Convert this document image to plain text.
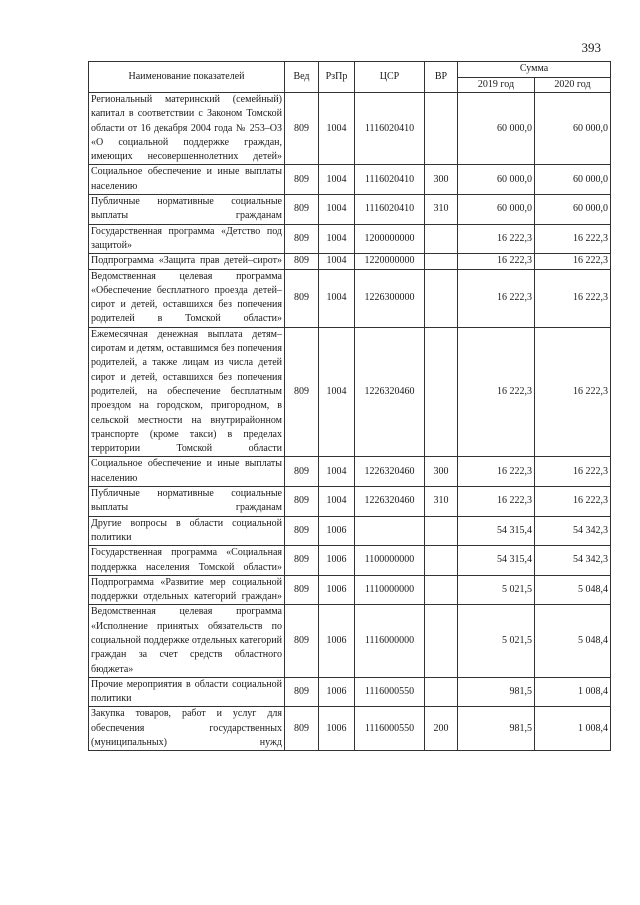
393
Наименование показателей	Вед	РзПр	ЦСР	ВР	Сумма	
					2019 год	2020 год
Региональный материнский (семейный) капитал в соответствии с Законом Томской области от 16 декабря 2004 года № 253–ОЗ «О социальной поддержке граждан, имеющих несовершеннолетних детей»	809	1004	1116020410		60 000,0	60 000,0
Социальное обеспечение и иные выплаты населению	809	1004	1116020410	300	60 000,0	60 000,0
Публичные нормативные социальные выплаты гражданам	809	1004	1116020410	310	60 000,0	60 000,0
Государственная программа «Детство под защитой»	809	1004	1200000000		16 222,3	16 222,3
Подпрограмма «Защита прав детей–сирот»	809	1004	1220000000		16 222,3	16 222,3
Ведомственная целевая программа «Обеспечение бесплатного проезда детей–сирот и детей, оставшихся без попечения родителей в Томской области»	809	1004	1226300000		16 222,3	16 222,3
Ежемесячная денежная выплата детям–сиротам и детям, оставшимся без попечения родителей, а также лицам из числа детей сирот и детей, оставшихся без попечения родителей, на обеспечение бесплатным проездом на городском, пригородном, в сельской местности на внутрирайонном транспорте (кроме такси) в пределах территории Томской области	809	1004	1226320460		16 222,3	16 222,3
Социальное обеспечение и иные выплаты населению	809	1004	1226320460	300	16 222,3	16 222,3
Публичные нормативные социальные выплаты гражданам	809	1004	1226320460	310	16 222,3	16 222,3
Другие вопросы в области социальной политики	809	1006			54 315,4	54 342,3
Государственная программа «Социальная поддержка населения Томской области»	809	1006	1100000000		54 315,4	54 342,3
Подпрограмма «Развитие мер социальной поддержки отдельных категорий граждан»	809	1006	1110000000		5 021,5	5 048,4
Ведомственная целевая программа «Исполнение принятых обязательств по социальной поддержке отдельных категорий граждан за счет средств областного бюджета»	809	1006	1116000000		5 021,5	5 048,4
Прочие мероприятия в области социальной политики	809	1006	1116000550		981,5	1 008,4
Закупка товаров, работ и услуг для обеспечения государственных (муниципальных) нужд	809	1006	1116000550	200	981,5	1 008,4
